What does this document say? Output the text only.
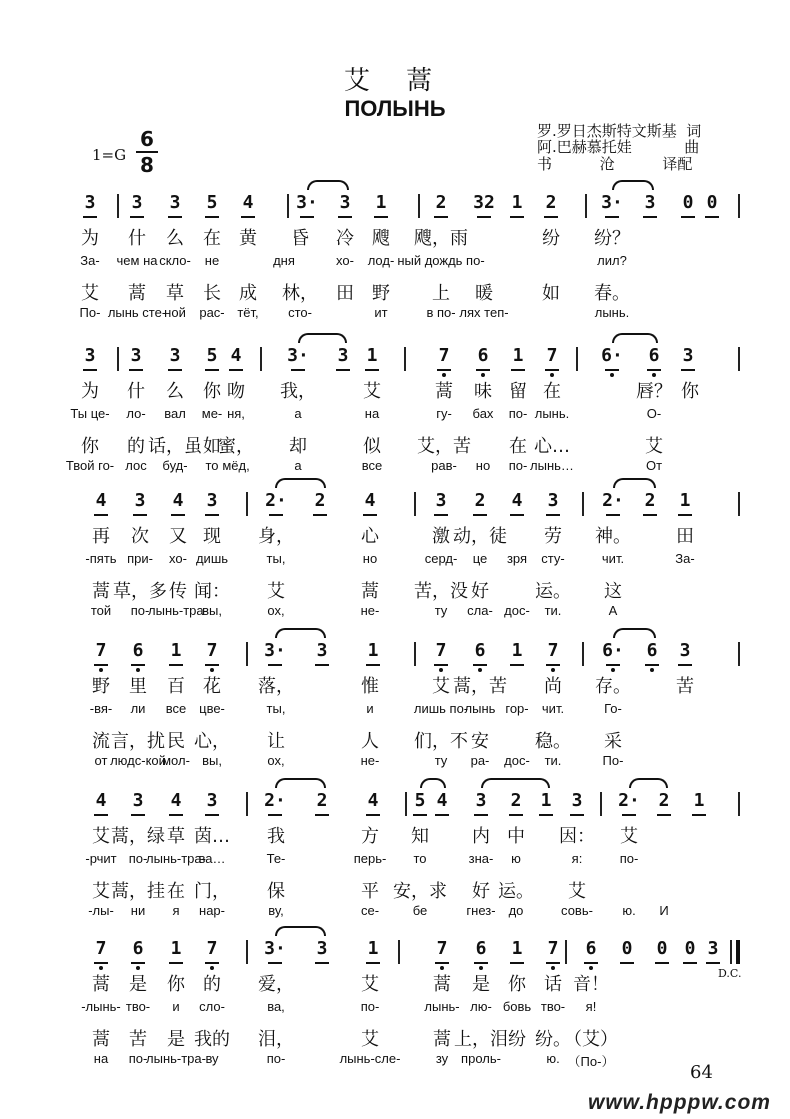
艾 蒿
ПОЛЫНЬ
罗.罗日杰斯特文斯基  词
阿.巴赫慕托娃           曲
书          沧          译配
1=G
6
8
3 3 3 5 4 3· 3 1	2 32 1 2 3· 3 0 0
为 什 么 在 黄 昏 冷 飕 飕，雨	纷 纷？
За- чем на скло- не	дня	хо- лод- ный дождь по-	лил?
艾 蒿 草 长 成 林， 田 野 上 暖	如 春。
По- лынь сте-
ной рас- тёт, сто-	ит	в по- лях теп-	лынь.
3 3 3 5 4	3· 3 1	7 6 1 7 6· 6 3
为 什 么 你 吻 我，	艾	蒿 味 留 在	唇？ 你
Ты це- ло- вал ме- ня,	а	на	гу- бах по- лынь.	О-
你 的 话，虽 如
蜜， 却	似 艾，苦 在 心…	艾
Твой го- лос буд- то мёд,	а	все	рав- но по- лынь…	От
4 3 4 3	2· 2 4	3 2 4 3 2· 2 1
再 次 又 现 身，	心	激 动，徒 劳 神。	田
-пять при- хо- дишь	ты,	но	серд- це зря сту-	чит.	За-
蒿 草，多 传 闻： 艾	蒿 苦，没 好	运。 这
той по-
лынь-тра-
вы,	ох,	не-	ту сла- дос- ти.	А
7 6 1 7	3· 3 1	7 6 1 7 6· 6 3
野 里 百 花 落，	惟	艾 蒿，苦 尚 存。	苦
-вя- ли все цве-	ты,	и	лишь по-
лынь гор- чит.	Го-
流 言，扰 民 心， 让	人 们，不 安	稳。 采
от людс-кой
мол- вы,	ох,	не-	ту ра- дос- ти.	По-
4 3 4 3	2· 2 4 5 4 3 2 1 3 2· 2 1
艾 蒿，绿 草 茵… 我	方 知 内 中 因： 艾
-рчит по-
лынь-тра-
ва…	Те-	перь- то	зна- ю	я:	по-
艾 蒿，挂 在 门， 保	平 安，求 好 运。 艾
-лы- ни я нар-	ву,	се-	бе	гнез- до	совь- ю. И
7 6 1 7	3· 3 1	7 6 1 7 6 0 0 0 3
蒿 是 你 的 爱，	艾	蒿 是 你 话 音！
-лынь- тво- и сло-	ва,	по-	лынь- лю- бовь тво- я!
蒿 苦 是 我的 泪，	艾	蒿 上，泪 纷 纷。
（艾）
на по-
лынь-тра- ву	по-	лынь-сле-	зу проль-	ю. （По-）
D.C.
64
www.hpppw.com
